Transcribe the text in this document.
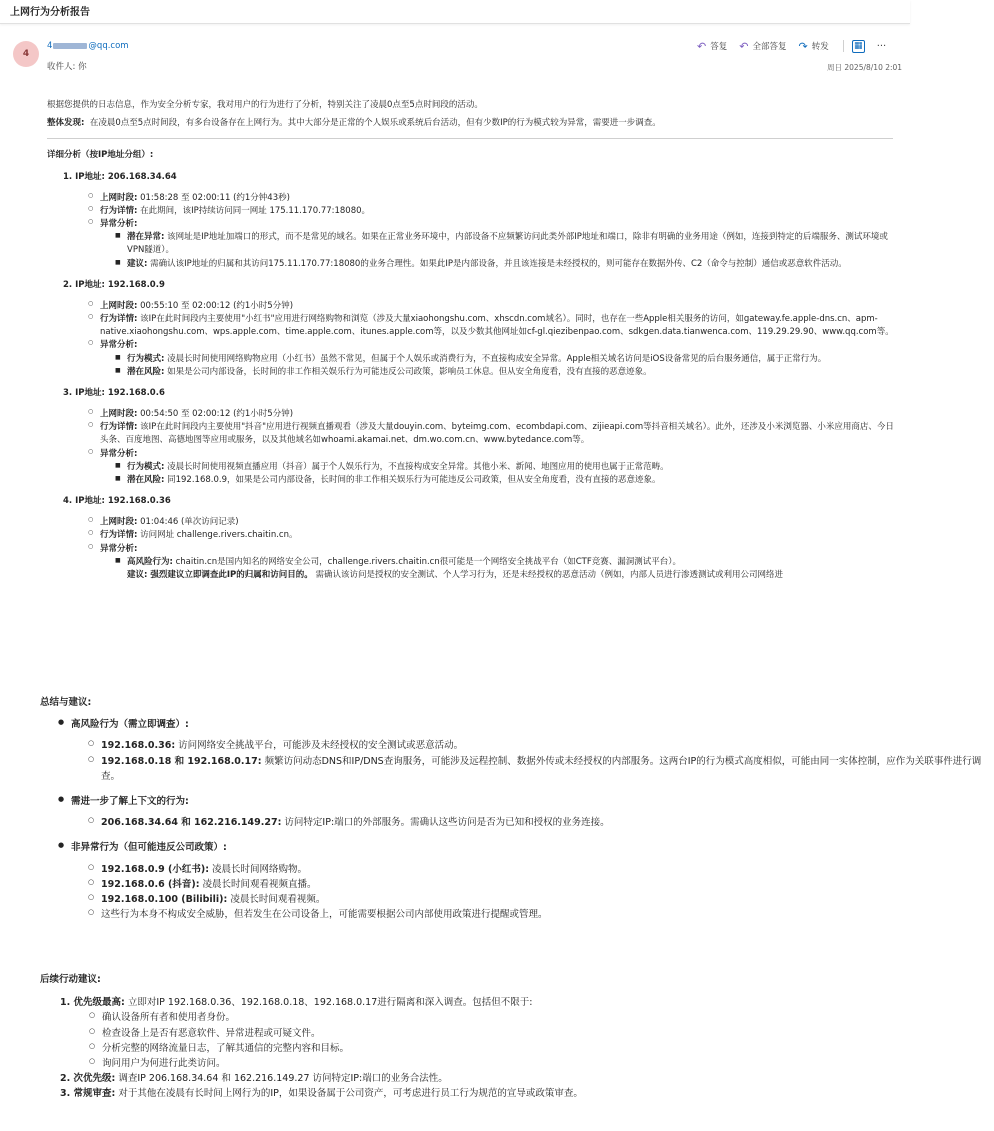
上网行为分析报告
4
4	@qq.com
收件人: 你
↶ 答复 ↶ 全部答复 ↷ 转发	▦ ···
周日 2025/8/10 2:01
根据您提供的日志信息，作为安全分析专家，我对用户的行为进行了分析，特别关注了凌晨0点至5点时间段的活动。
整体发现: 在凌晨0点至5点时间段，有多台设备存在上网行为。其中大部分是正常的个人娱乐或系统后台活动，但有少数IP的行为模式较为异常，需要进一步调查。
详细分析（按IP地址分组）:
1. IP地址: 206.168.34.64
○ 上网时段: 01:58:28 至 02:00:11 (约1分钟43秒)
○ 行为详情: 在此期间，该IP持续访问同一网址 175.11.170.77:18080。
○ 异常分析:
■ 潜在异常: 该网址是IP地址加端口的形式，而不是常见的域名。如果在正常业务环境中，内部设备不应频繁访问此类外部IP地址和端口，除非有明确的业务用途（例如，连接到特定的后端服务、测试环境或VPN隧道）。
■ 建议: 需确认该IP地址的归属和其访问175.11.170.77:18080的业务合理性。如果此IP是内部设备，并且该连接是未经授权的，则可能存在数据外传、C2（命令与控制）通信或恶意软件活动。
2. IP地址: 192.168.0.9
○ 上网时段: 00:55:10 至 02:00:12 (约1小时5分钟)
○ 行为详情: 该IP在此时间段内主要使用"小红书"应用进行网络购物和浏览（涉及大量xiaohongshu.com、xhscdn.com域名）。同时，也存在一些Apple相关服务的访问，如gateway.fe.apple-dns.cn、apm-native.xiaohongshu.com、wps.apple.com、time.apple.com、itunes.apple.com等，以及少数其他网址如cf-gl.qiezibenpao.com、sdkgen.data.tianwenca.com、119.29.29.90、www.qq.com等。
○ 异常分析:
■ 行为模式: 凌晨长时间使用网络购物应用（小红书）虽然不常见，但属于个人娱乐或消费行为，不直接构成安全异常。Apple相关域名访问是iOS设备常见的后台服务通信，属于正常行为。
■ 潜在风险: 如果是公司内部设备，长时间的非工作相关娱乐行为可能违反公司政策，影响员工休息。但从安全角度看，没有直接的恶意迹象。
3. IP地址: 192.168.0.6
○ 上网时段: 00:54:50 至 02:00:12 (约1小时5分钟)
○ 行为详情: 该IP在此时间段内主要使用"抖音"应用进行视频直播观看（涉及大量douyin.com、byteimg.com、ecombdapi.com、zijieapi.com等抖音相关域名）。此外，还涉及小米浏览器、小米应用商店、今日头条、百度地图、高德地图等应用或服务，以及其他域名如whoami.akamai.net、dm.wo.com.cn、www.bytedance.com等。
○ 异常分析:
■ 行为模式: 凌晨长时间使用视频直播应用（抖音）属于个人娱乐行为，不直接构成安全异常。其他小米、新闻、地图应用的使用也属于正常范畴。
■ 潜在风险: 同192.168.0.9，如果是公司内部设备，长时间的非工作相关娱乐行为可能违反公司政策，但从安全角度看，没有直接的恶意迹象。
4. IP地址: 192.168.0.36
○ 上网时段: 01:04:46 (单次访问记录)
○ 行为详情: 访问网址 challenge.rivers.chaitin.cn。
○ 异常分析:
■ 高风险行为: chaitin.cn是国内知名的网络安全公司，challenge.rivers.chaitin.cn很可能是一个网络安全挑战平台（如CTF竞赛、漏洞测试平台）。
■ 建议: 强烈建议立即调查此IP的归属和访问目的。 需确认该访问是授权的安全测试、个人学习行为，还是未经授权的恶意活动（例如，内部人员进行渗透测试或利用公司网络进
总结与建议:
● 高风险行为（需立即调查）:
○ 192.168.0.36: 访问网络安全挑战平台，可能涉及未经授权的安全测试或恶意活动。
○ 192.168.0.18 和 192.168.0.17: 频繁访问动态DNS和IP/DNS查询服务，可能涉及远程控制、数据外传或未经授权的内部服务。这两台IP的行为模式高度相似，可能由同一实体控制，应作为关联事件进行调查。
● 需进一步了解上下文的行为:
○ 206.168.34.64 和 162.216.149.27: 访问特定IP:端口的外部服务。需确认这些访问是否为已知和授权的业务连接。
● 非异常行为（但可能违反公司政策）:
○ 192.168.0.9 (小红书): 凌晨长时间网络购物。
○ 192.168.0.6 (抖音): 凌晨长时间观看视频直播。
○ 192.168.0.100 (Bilibili): 凌晨长时间观看视频。
○ 这些行为本身不构成安全威胁，但若发生在公司设备上，可能需要根据公司内部使用政策进行提醒或管理。
后续行动建议:
1. 优先级最高: 立即对IP 192.168.0.36、192.168.0.18、192.168.0.17进行隔离和深入调查。包括但不限于:
○ 确认设备所有者和使用者身份。
○ 检查设备上是否有恶意软件、异常进程或可疑文件。
○ 分析完整的网络流量日志，了解其通信的完整内容和目标。
○ 询问用户为何进行此类访问。
2. 次优先级: 调查IP 206.168.34.64 和 162.216.149.27 访问特定IP:端口的业务合法性。
3. 常规审查: 对于其他在凌晨有长时间上网行为的IP，如果设备属于公司资产，可考虑进行员工行为规范的宣导或政策审查。
